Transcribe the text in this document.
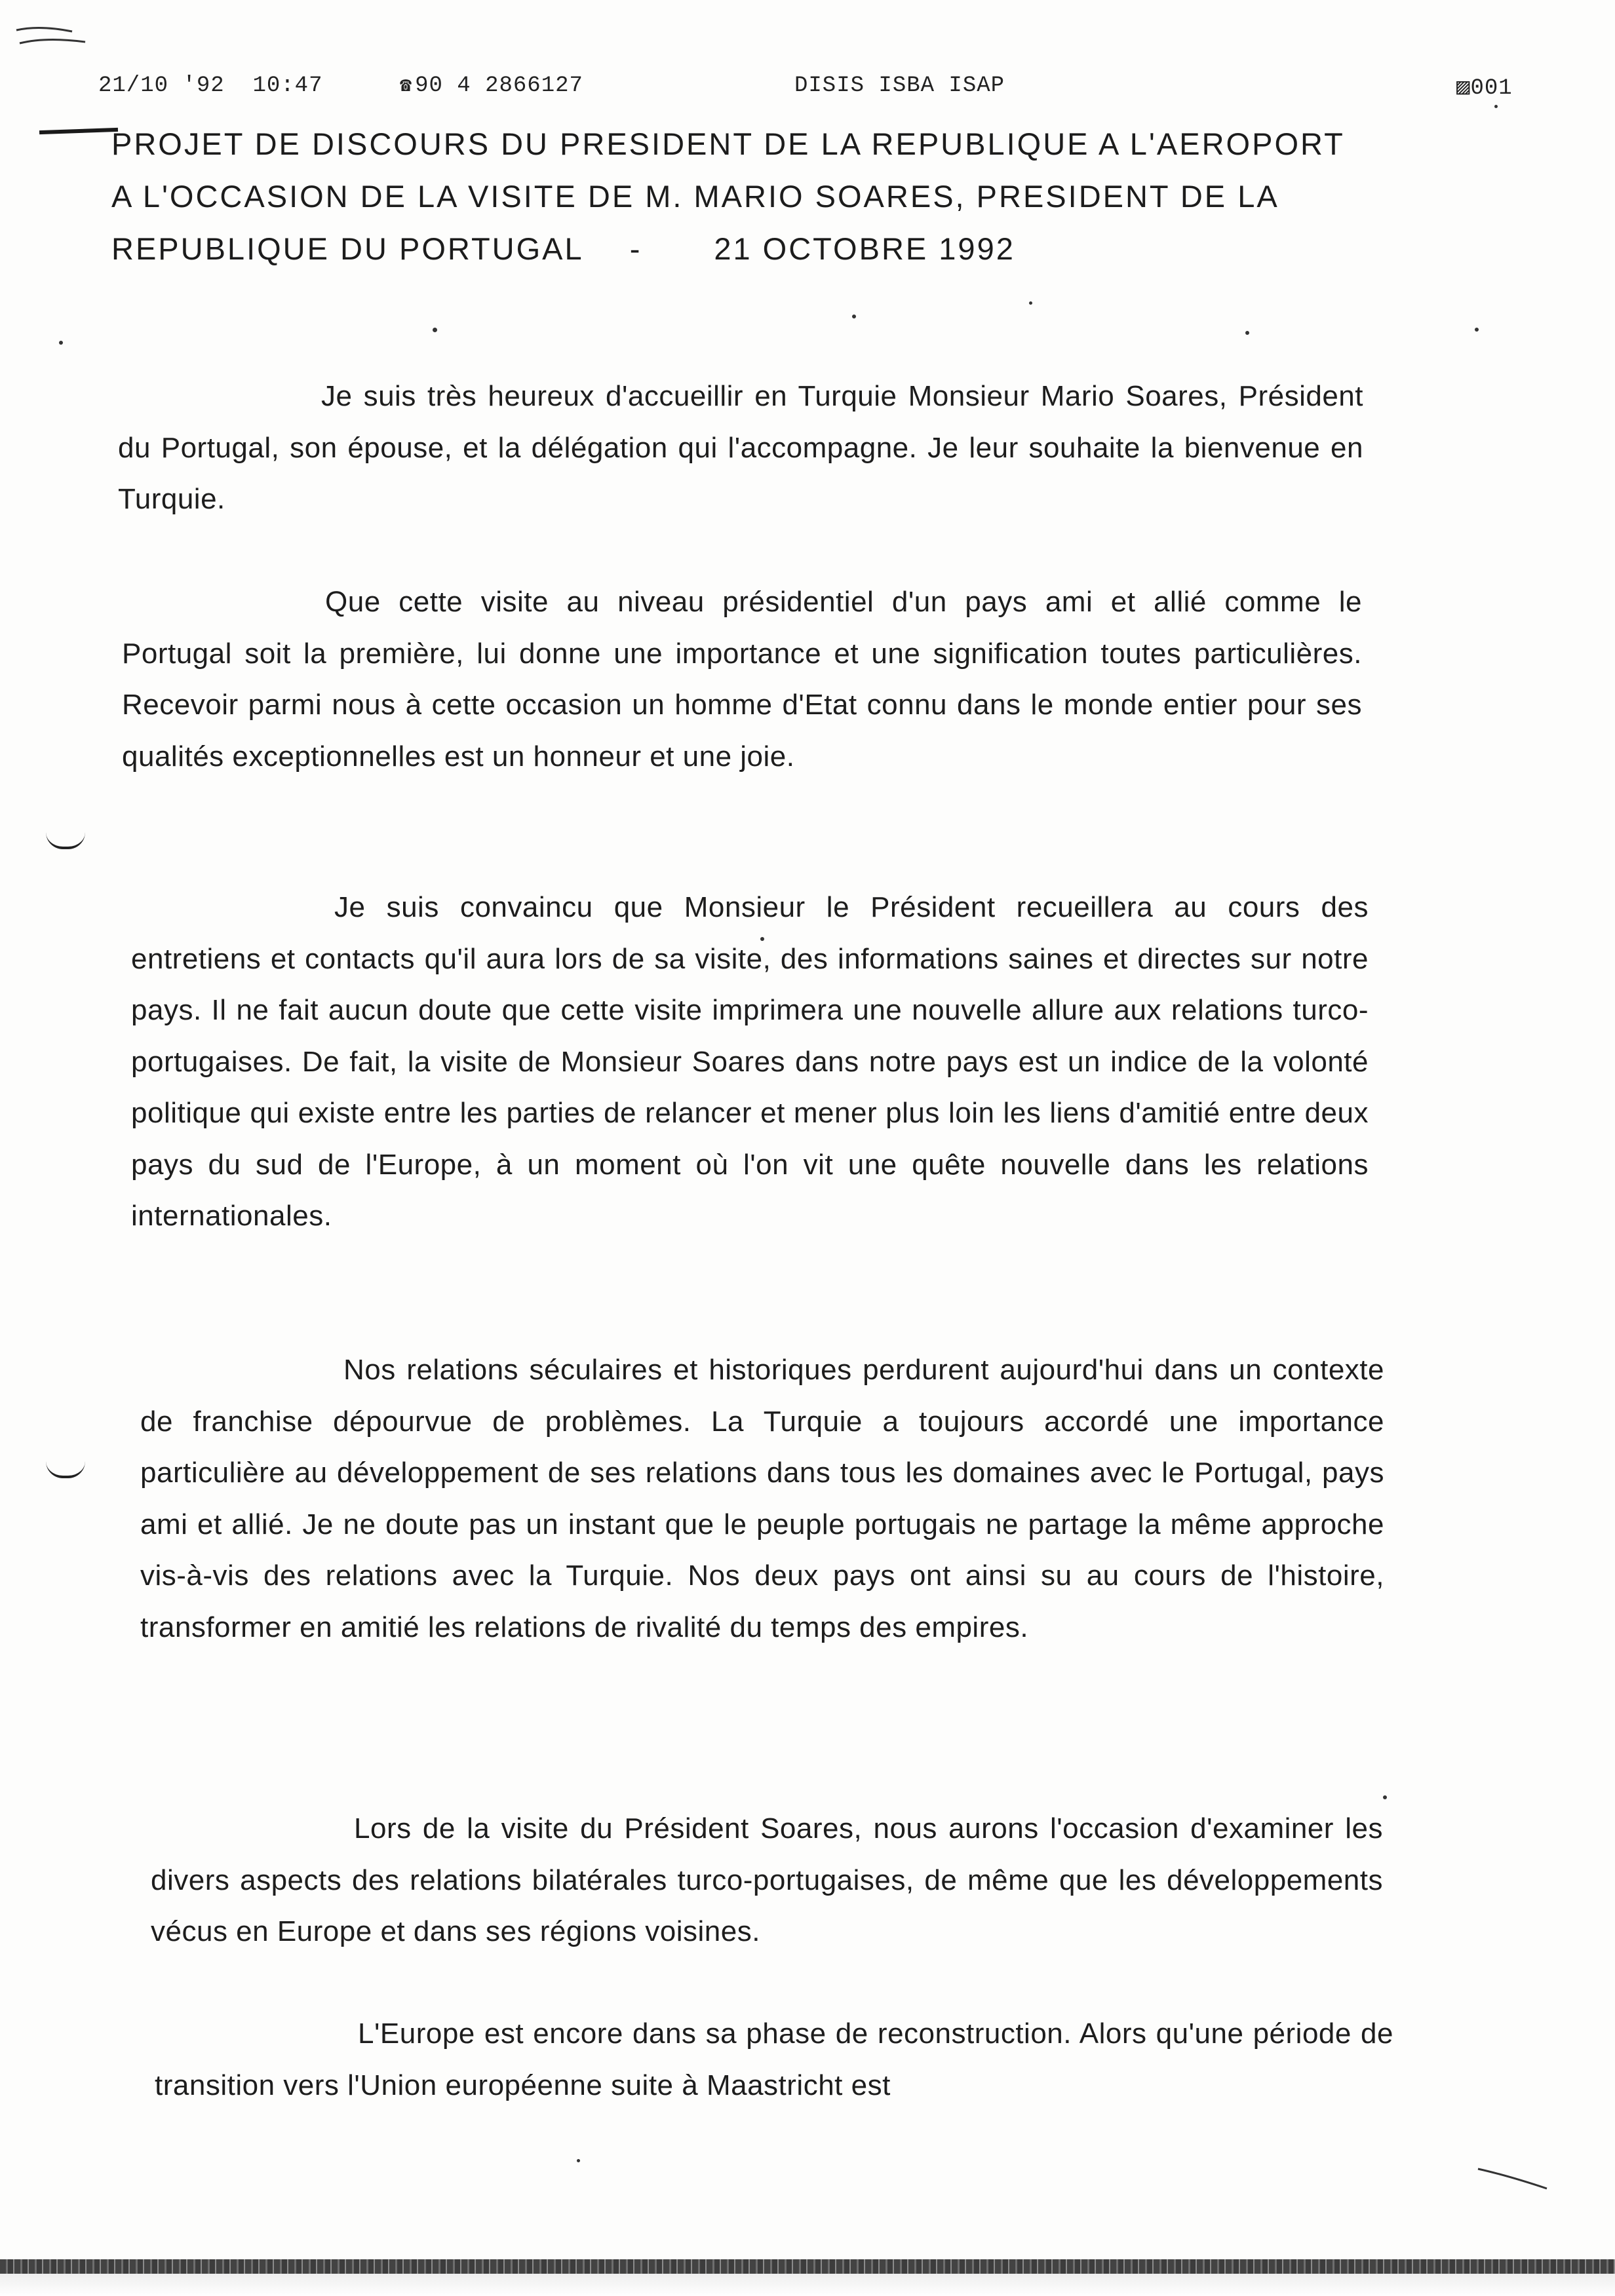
21/10 '92 10:47	☎ 90 4 2866127	DISIS ISBA ISAP	▨001
PROJET DE DISCOURS DU PRESIDENT DE LA REPUBLIQUE A L'AEROPORT
A L'OCCASION DE LA VISITE DE M. MARIO SOARES, PRESIDENT DE LA
REPUBLIQUE DU PORTUGAL - 21 OCTOBRE 1992

Je suis très heureux d'accueillir en Turquie Monsieur Mario Soares, Président du Portugal, son épouse, et la délégation qui l'accompagne. Je leur souhaite la bienvenue en Turquie.

Que cette visite au niveau présidentiel d'un pays ami et allié comme le Portugal soit la première, lui donne une importance et une signification toutes particulières. Recevoir parmi nous à cette occasion un homme d'Etat connu dans le monde entier pour ses qualités exceptionnelles est un honneur et une joie.

Je suis convaincu que Monsieur le Président recueillera au cours des entretiens et contacts qu'il aura lors de sa visite, des informations saines et directes sur notre pays. Il ne fait aucun doute que cette visite imprimera une nouvelle allure aux relations turco-portugaises. De fait, la visite de Monsieur Soares dans notre pays est un indice de la volonté politique qui existe entre les parties de relancer et mener plus loin les liens d'amitié entre deux pays du sud de l'Europe, à un moment où l'on vit une quête nouvelle dans les relations internationales.

Nos relations séculaires et historiques perdurent aujourd'hui dans un contexte de franchise dépourvue de problèmes. La Turquie a toujours accordé une importance particulière au développement de ses relations dans tous les domaines avec le Portugal, pays ami et allié. Je ne doute pas un instant que le peuple portugais ne partage la même approche vis-à-vis des relations avec la Turquie. Nos deux pays ont ainsi su au cours de l'histoire, transformer en amitié les relations de rivalité du temps des empires.

Lors de la visite du Président Soares, nous aurons l'occasion d'examiner les divers aspects des relations bilatérales turco-portugaises, de même que les développements vécus en Europe et dans ses régions voisines.

L'Europe est encore dans sa phase de reconstruction. Alors qu'une période de transition vers l'Union européenne suite à Maastricht est
